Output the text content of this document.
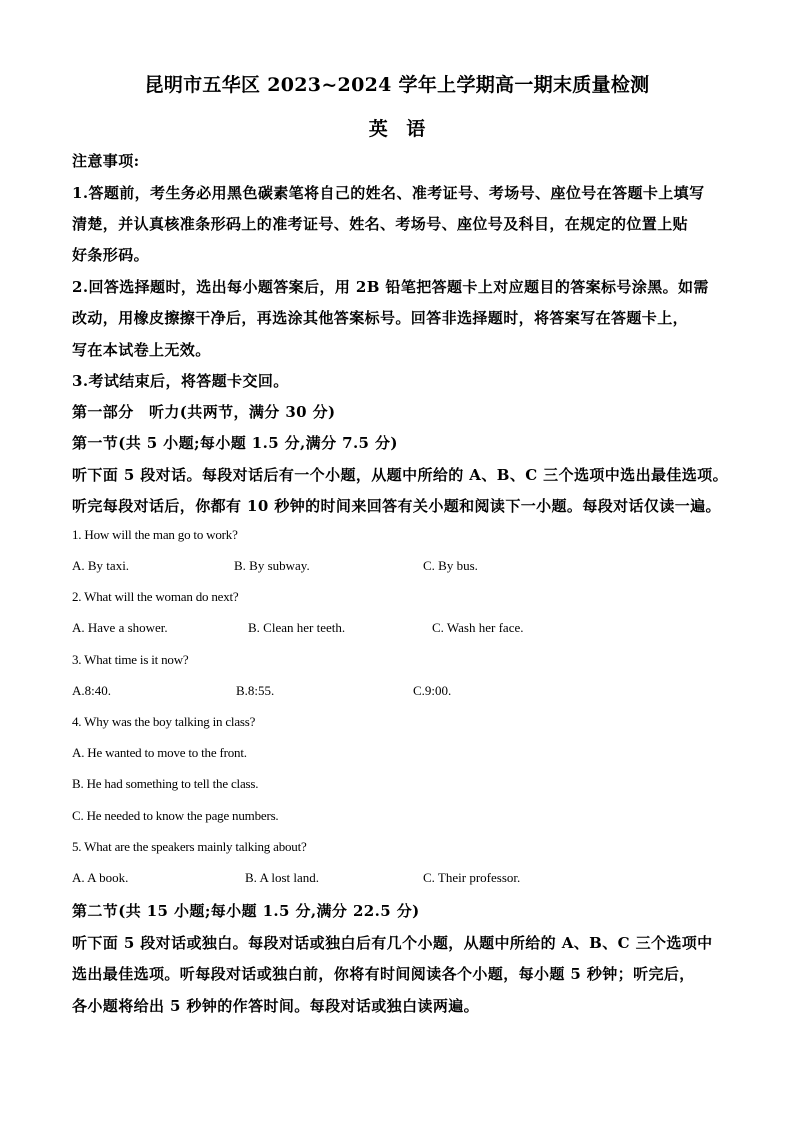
昆明市五华区 2023~2024 学年上学期高一期末质量检测
英 语
注意事项:
1.答题前，考生务必用黑色碳素笔将自己的姓名、准考证号、考场号、座位号在答题卡上填写
清楚，并认真核准条形码上的准考证号、姓名、考场号、座位号及科目，在规定的位置上贴
好条形码。
2.回答选择题时，选出每小题答案后，用 2B 铅笔把答题卡上对应题目的答案标号涂黑。如需
改动，用橡皮擦擦干净后，再选涂其他答案标号。回答非选择题时，将答案写在答题卡上，
写在本试卷上无效。
3.考试结束后，将答题卡交回。
第一部分　听力(共两节，满分 30 分)
第一节(共 5 小题;每小题 1.5 分,满分 7.5 分)
听下面 5 段对话。每段对话后有一个小题，从题中所给的 A、B、C 三个选项中选出最佳选项。
听完每段对话后，你都有 10 秒钟的时间来回答有关小题和阅读下一小题。每段对话仅读一遍。
1. How will the man go to work?
A. By taxi.	B. By subway.	C. By bus.
2. What will the woman do next?
A. Have a shower.	B. Clean her teeth.	C. Wash her face.
3. What time is it now?
A.8:40.	B.8:55.	C.9:00.
4. Why was the boy talking in class?
A. He wanted to move to the front.
B. He had something to tell the class.
C. He needed to know the page numbers.
5. What are the speakers mainly talking about?
A. A book.	B. A lost land.	C. Their professor.
第二节(共 15 小题;每小题 1.5 分,满分 22.5 分)
听下面 5 段对话或独白。每段对话或独白后有几个小题，从题中所给的 A、B、C 三个选项中
选出最佳选项。听每段对话或独白前，你将有时间阅读各个小题，每小题 5 秒钟；听完后，
各小题将给出 5 秒钟的作答时间。每段对话或独白读两遍。
